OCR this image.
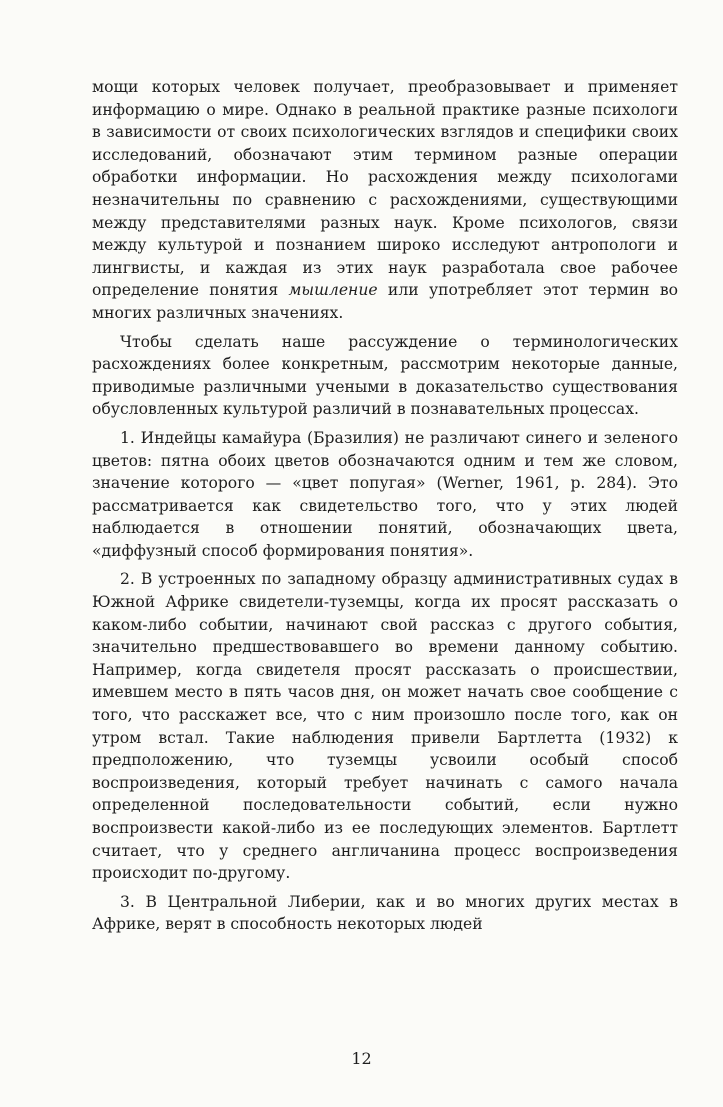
мощи которых человек получает, преобразовывает и применяет информацию о мире. Однако в реальной практике разные психологи в зависимости от своих психологических взглядов и специфики своих исследований, обозначают этим термином разные операции обработки информации. Но расхождения между психологами незначительны по сравнению с расхождениями, существующими между представителями разных наук. Кроме психологов, связи между культурой и познанием широко исследуют антропологи и лингвисты, и каждая из этих наук разработала свое рабочее определение понятия мышление или употребляет этот термин во многих различных значениях.

Чтобы сделать наше рассуждение о терминологических расхождениях более конкретным, рассмотрим некоторые данные, приводимые различными учеными в доказательство существования обусловленных культурой различий в познавательных процессах.

1. Индейцы камайура (Бразилия) не различают синего и зеленого цветов: пятна обоих цветов обозначаются одним и тем же словом, значение которого — «цвет попугая» (Werner, 1961, p. 284). Это рассматривается как свидетельство того, что у этих людей наблюдается в отношении понятий, обозначающих цвета, «диффузный способ формирования понятия».

2. В устроенных по западному образцу административных судах в Южной Африке свидетели-туземцы, когда их просят рассказать о каком-либо событии, начинают свой рассказ с другого события, значительно предшествовавшего во времени данному событию. Например, когда свидетеля просят рассказать о происшествии, имевшем место в пять часов дня, он может начать свое сообщение с того, что расскажет все, что с ним произошло после того, как он утром встал. Такие наблюдения привели Бартлетта (1932) к предположению, что туземцы усвоили особый способ воспроизведения, который требует начинать с самого начала определенной последовательности событий, если нужно воспроизвести какой-либо из ее последующих элементов. Бартлетт считает, что у среднего англичанина процесс воспроизведения происходит по-другому.

3. В Центральной Либерии, как и во многих других местах в Африке, верят в способность некоторых людей

12
